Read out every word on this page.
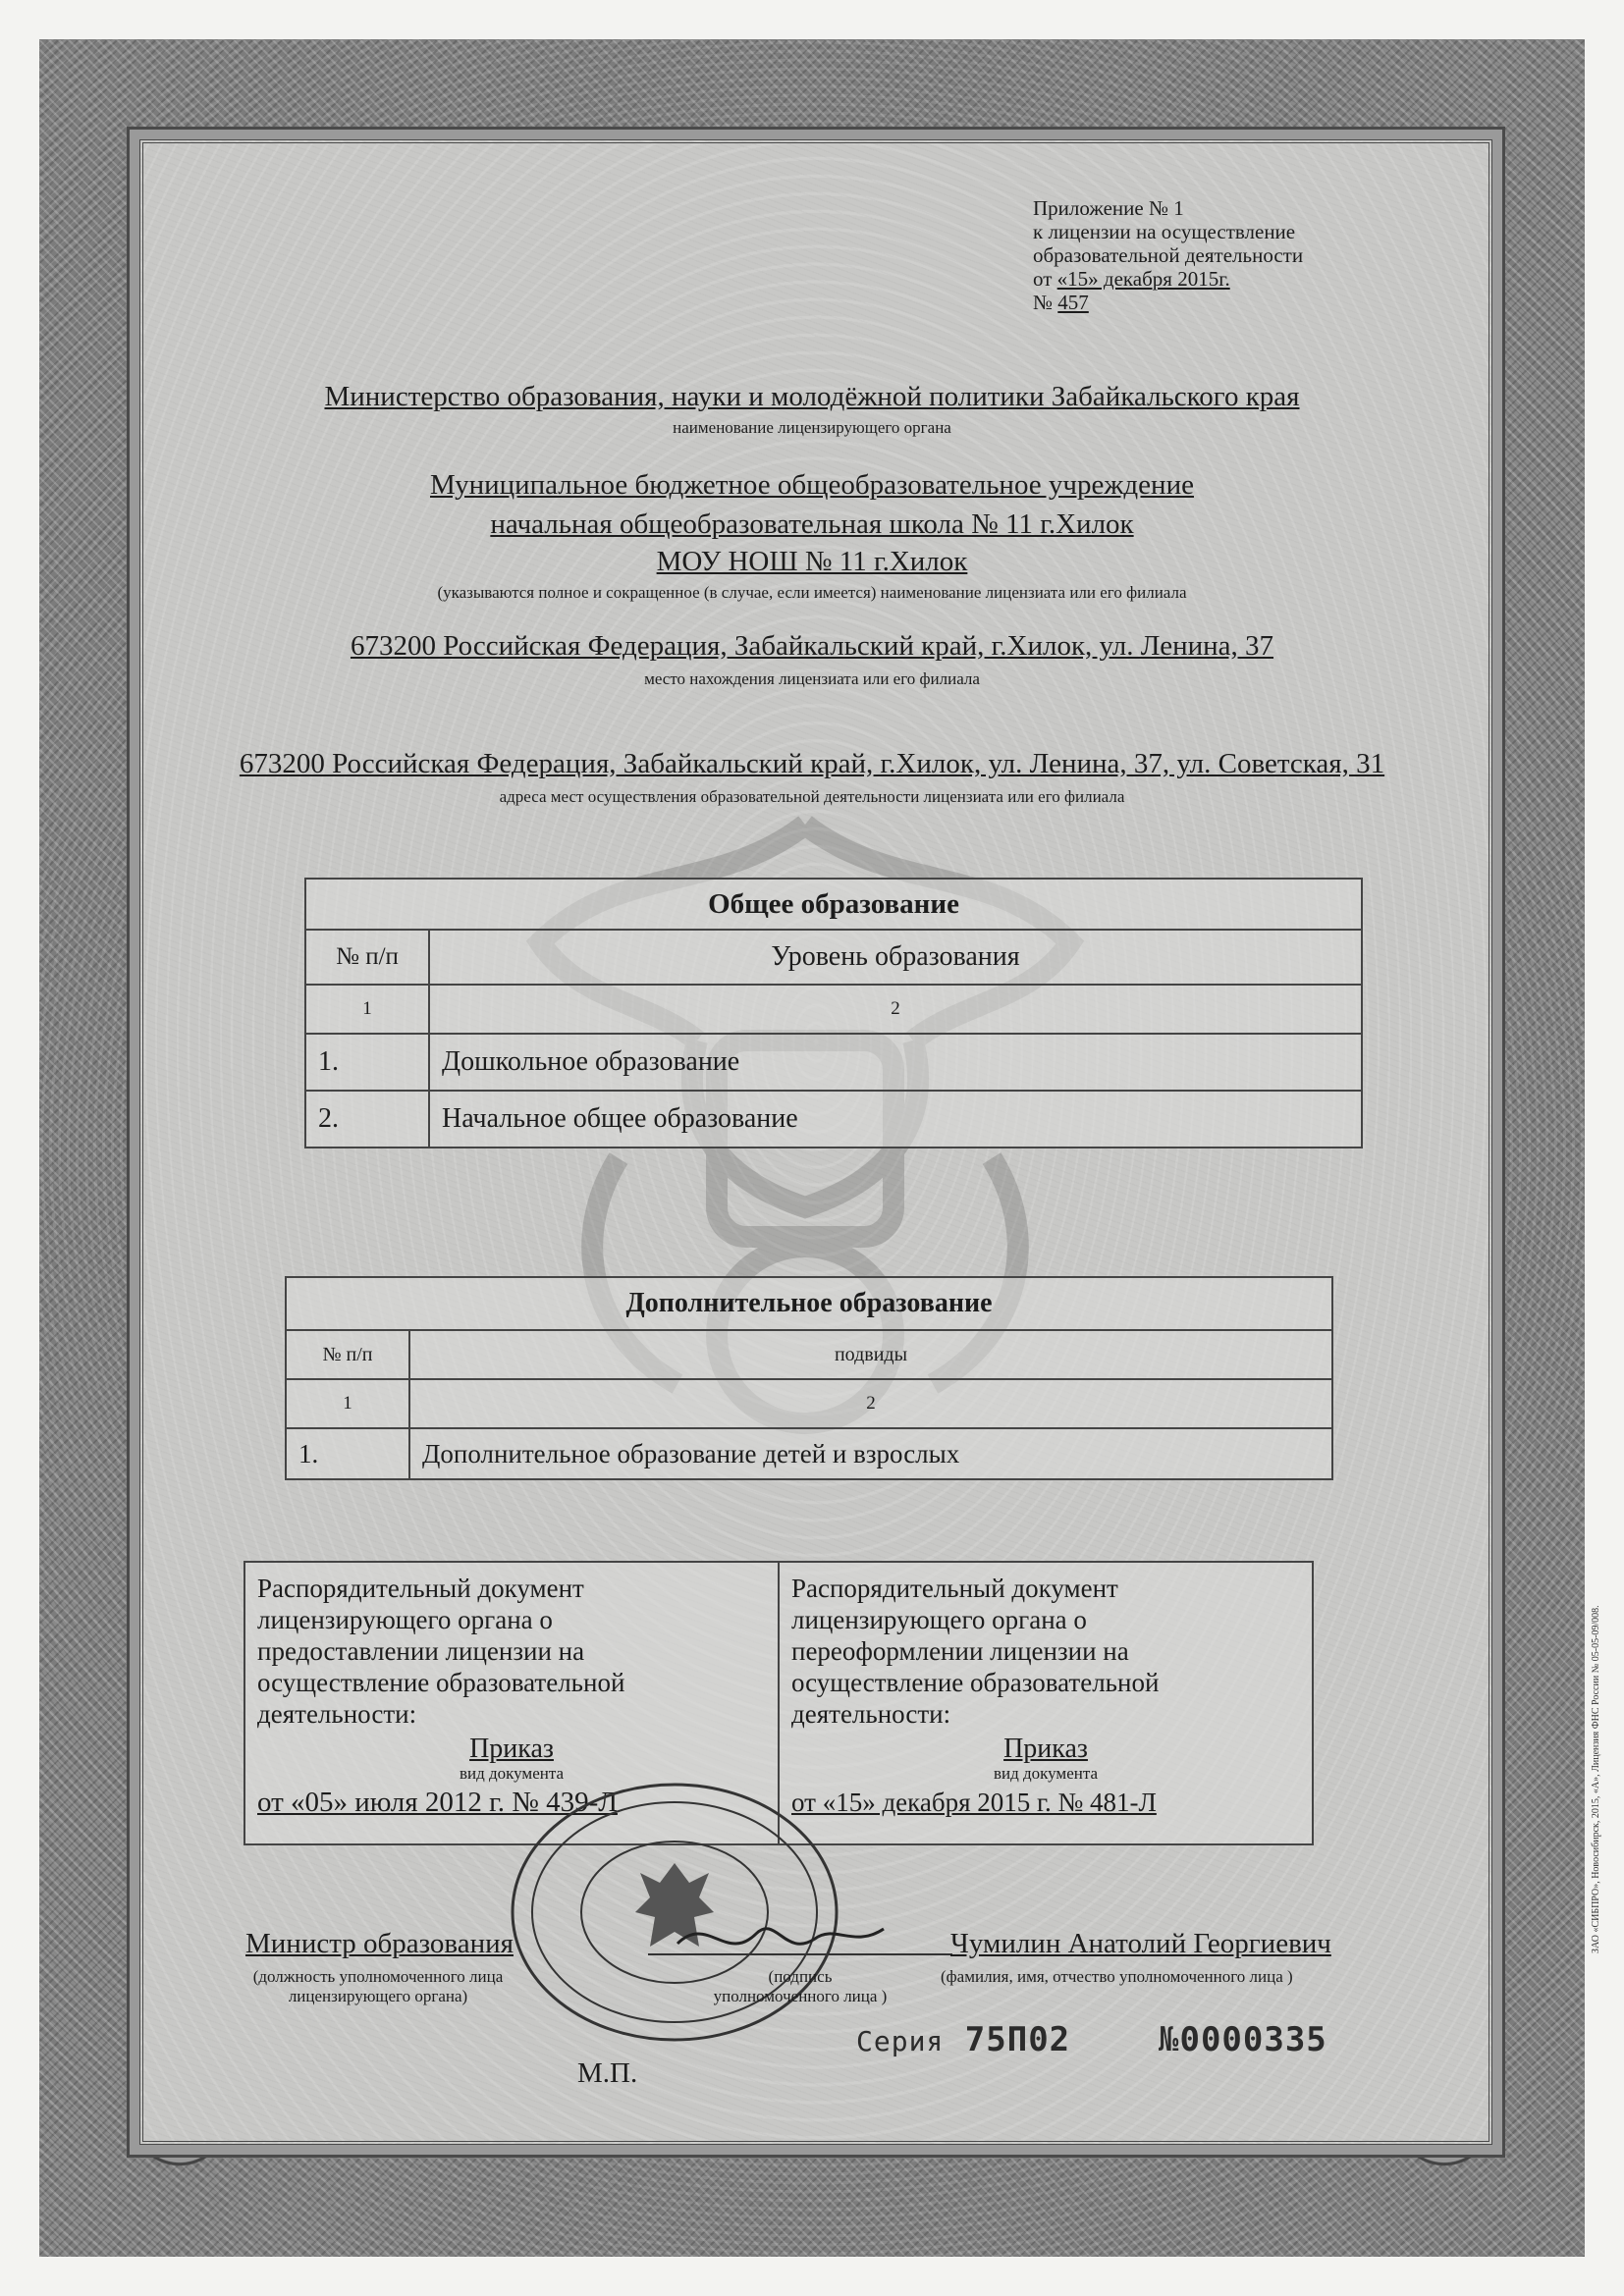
Приложение № 1
к лицензии на осуществление
образовательной деятельности
от «15» декабря 2015г.
№ 457
Министерство образования, науки и молодёжной политики Забайкальского края
наименование лицензирующего органа
Муниципальное бюджетное общеобразовательное учреждение
начальная общеобразовательная школа № 11 г.Хилок
МОУ НОШ № 11 г.Хилок
(указываются полное и сокращенное (в случае, если имеется) наименование лицензиата или его филиала
673200 Российская Федерация, Забайкальский край, г.Хилок, ул. Ленина, 37
место нахождения лицензиата или его филиала
673200 Российская Федерация, Забайкальский край, г.Хилок, ул. Ленина, 37, ул. Советская, 31
адреса мест осуществления образовательной деятельности лицензиата или его филиала
Общее образование	
№ п/п	Уровень образования
1	2
1.	Дошкольное образование
2.	Начальное общее образование
Дополнительное образование	
№ п/п	подвиды
1	2
1.	Дополнительное образование детей и взрослых
Распорядительный документ
лицензирующего органа о
предоставлении лицензии на
осуществление образовательной
деятельности:
Приказ
вид документа
от «05» июля 2012 г. № 439-Л

Распорядительный документ
лицензирующего органа о
переоформлении лицензии на
осуществление образовательной
деятельности:
Приказ
вид документа
от «15» декабря 2015 г. № 481-Л
Министр образования
(должность уполномоченного лица
лицензирующего органа)
(подпись
уполномоченного лица )
Чумилин Анатолий Георгиевич
(фамилия, имя, отчество уполномоченного лица )
М.П.
Серия 75П02	№0000335
ЗАО «СИБПРО», Новосибирск, 2015, «А», Лицензия ФНС России № 05-05-09/008.
